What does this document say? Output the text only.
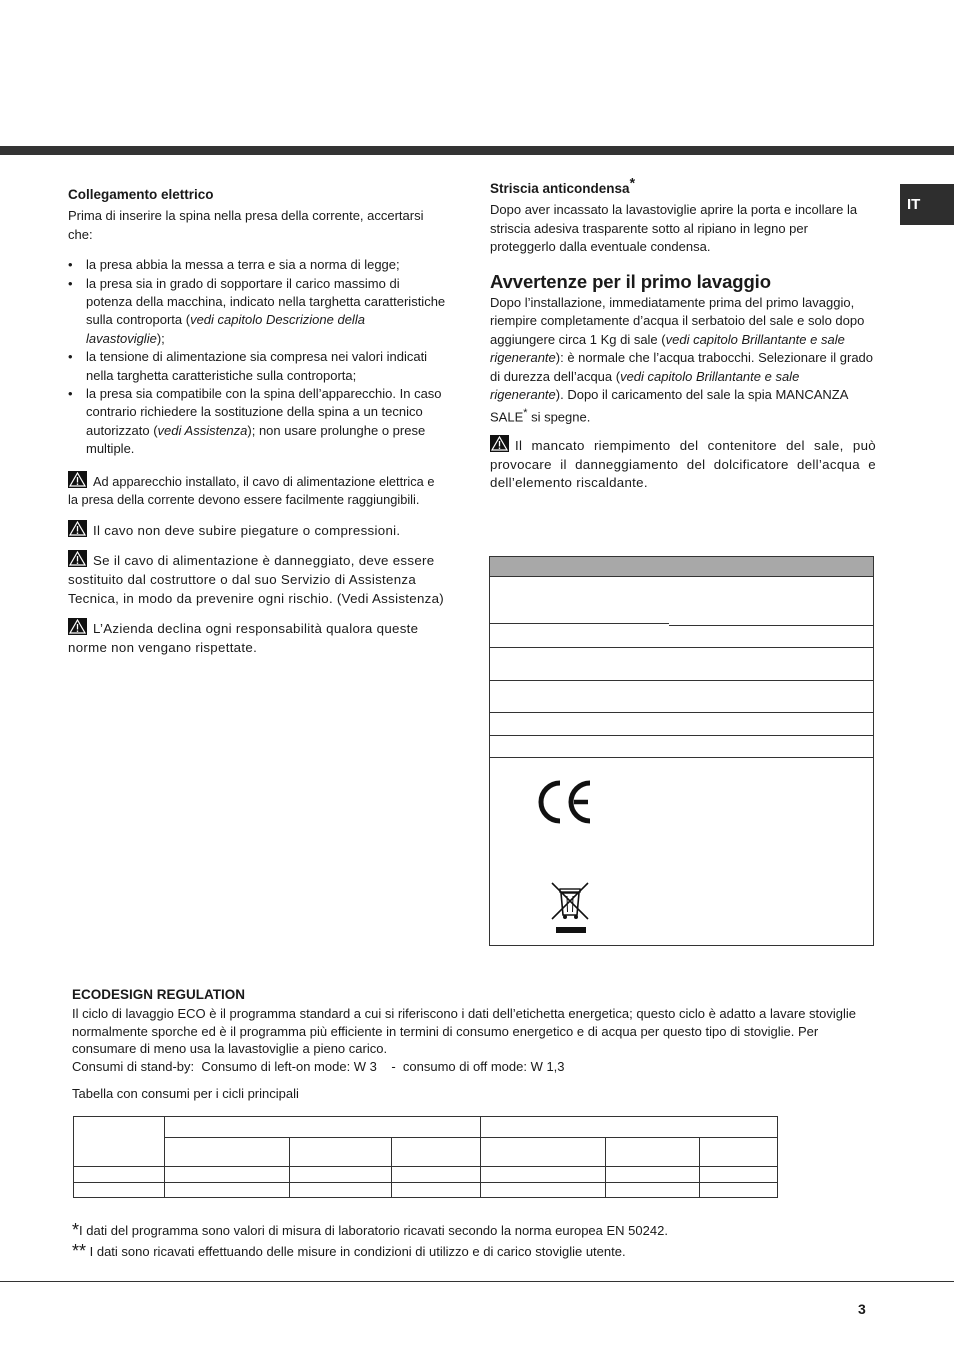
IT
Collegamento elettrico

Prima di inserire la spina nella presa della corrente, accertarsi che:

• la presa abbia la messa a terra e sia a norma di legge;
• la presa sia in grado di sopportare il carico massimo di potenza della macchina, indicato nella targhetta caratteristiche sulla controporta (vedi capitolo Descrizione della lavastoviglie);
• la tensione di alimentazione sia compresa nei valori indicati nella targhetta caratteristiche sulla controporta;
• la presa sia compatibile con la spina dell’apparecchio. In caso contrario richiedere la sostituzione della spina a un tecnico autorizzato (vedi Assistenza); non usare prolunghe o prese multiple.

Ad apparecchio installato, il cavo di alimentazione elettrica e la presa della corrente devono essere facilmente raggiungibili.

Il cavo non deve subire piegature o compressioni.

Se il cavo di alimentazione è danneggiato, deve essere sostituito dal costruttore o dal suo Servizio di Assistenza Tecnica, in modo da prevenire ogni rischio. (Vedi Assistenza)

L’Azienda declina ogni responsabilità qualora queste norme non vengano rispettate.

Striscia anticondensa*

Dopo aver incassato la lavastoviglie aprire la porta e incollare la striscia adesiva trasparente sotto al ripiano in legno per proteggerlo dalla eventuale condensa.

Avvertenze per il primo lavaggio

Dopo l’installazione, immediatamente prima del primo lavaggio, riempire completamente d’acqua il serbatoio del sale e solo dopo aggiungere circa 1 Kg di sale (vedi capitolo Brillantante e sale rigenerante): è normale che l’acqua trabocchi. Selezionare il grado di durezza dell’acqua (vedi capitolo Brillantante e sale rigenerante). Dopo il caricamento del sale la spia MANCANZA SALE* si spegne.

Il mancato riempimento del contenitore del sale, può provocare il danneggiamento del dolcificatore dell’acqua e dell’elemento riscaldante.

ECODESIGN REGULATION

Il ciclo di lavaggio ECO è il programma standard a cui si riferiscono i dati dell’etichetta energetica; questo ciclo è adatto a lavare stoviglie normalmente sporche ed è il programma più efficiente in termini di consumo energetico e di acqua per questo tipo di stoviglie. Per consumare di meno usa la lavastoviglie a pieno carico.

Consumi di stand-by:  Consumo di left-on mode: W 3    -  consumo di off mode: W 1,3

Tabella con consumi per i cicli principali

*I dati del programma sono valori di misura di laboratorio ricavati secondo la norma europea EN 50242.
** I dati sono ricavati effettuando delle misure in condizioni di utilizzo e di carico stoviglie utente.
3
